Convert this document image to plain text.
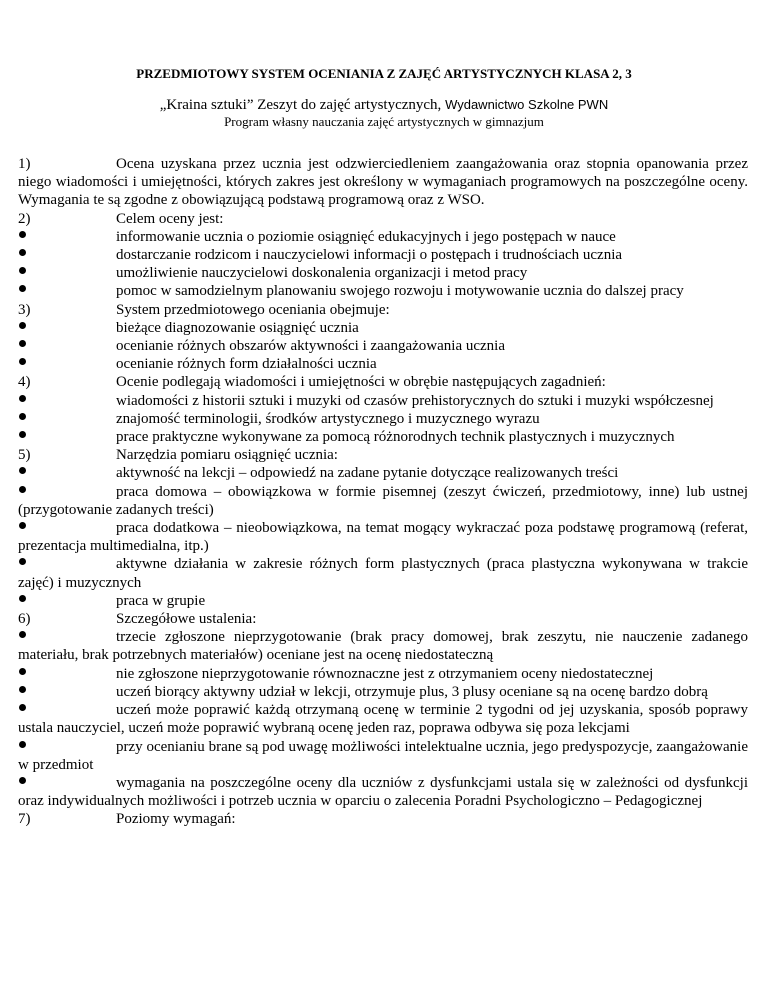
PRZEDMIOTOWY SYSTEM OCENIANIA Z ZAJĘĆ ARTYSTYCZNYCH KLASA 2, 3
„Kraina sztuki” Zeszyt do zajęć artystycznych, Wydawnictwo Szkolne PWN
Program własny nauczania zajęć artystycznych w gimnazjum

1)	Ocena uzyskana przez ucznia jest odzwierciedleniem zaangażowania oraz stopnia opanowania przez niego wiadomości i umiejętności, których zakres jest określony w wymaganiach programowych na poszczególne oceny. Wymagania te są zgodne z obowiązującą podstawą programową oraz z WSO.

2)	Celem oceny jest:

informowanie ucznia o poziomie osiągnięć edukacyjnych i jego postępach w nauce

dostarczanie rodzicom i nauczycielowi informacji o postępach i trudnościach ucznia

umożliwienie nauczycielowi doskonalenia organizacji i metod pracy

pomoc w samodzielnym planowaniu swojego rozwoju i motywowanie ucznia do dalszej pracy

3)	System przedmiotowego oceniania obejmuje:

bieżące diagnozowanie osiągnięć ucznia

ocenianie różnych obszarów aktywności i zaangażowania ucznia

ocenianie różnych form działalności ucznia

4)	Ocenie podlegają wiadomości i umiejętności w obrębie następujących zagadnień:

wiadomości z historii sztuki i muzyki od czasów prehistorycznych do sztuki i muzyki współczesnej

znajomość terminologii, środków artystycznego i muzycznego wyrazu

prace praktyczne wykonywane za pomocą różnorodnych technik plastycznych i muzycznych

5)	Narzędzia pomiaru osiągnięć ucznia:

aktywność na lekcji – odpowiedź na zadane pytanie dotyczące realizowanych treści

praca domowa – obowiązkowa w formie pisemnej (zeszyt ćwiczeń, przedmiotowy, inne) lub ustnej (przygotowanie zadanych treści)

praca dodatkowa – nieobowiązkowa, na temat mogący wykraczać poza podstawę programową (referat, prezentacja multimedialna, itp.)

aktywne działania w zakresie różnych form plastycznych (praca plastyczna wykonywana w trakcie zajęć) i muzycznych

praca w grupie

6)	Szczegółowe ustalenia:

trzecie zgłoszone nieprzygotowanie (brak pracy domowej, brak zeszytu, nie nauczenie zadanego materiału, brak potrzebnych materiałów) oceniane jest na ocenę niedostateczną

nie zgłoszone nieprzygotowanie równoznaczne jest z otrzymaniem oceny niedostatecznej

uczeń biorący aktywny udział w lekcji, otrzymuje plus, 3 plusy oceniane są na ocenę bardzo dobrą

uczeń może poprawić każdą otrzymaną ocenę w terminie 2 tygodni od jej uzyskania, sposób poprawy ustala nauczyciel, uczeń może poprawić wybraną ocenę jeden raz, poprawa odbywa się poza lekcjami

przy ocenianiu brane są pod uwagę możliwości intelektualne ucznia, jego predyspozycje, zaangażowanie w przedmiot

wymagania na poszczególne oceny dla uczniów z dysfunkcjami ustala się w zależności od dysfunkcji oraz indywidualnych możliwości i potrzeb ucznia w oparciu o zalecenia Poradni Psychologiczno – Pedagogicznej

7)	Poziomy wymagań:
